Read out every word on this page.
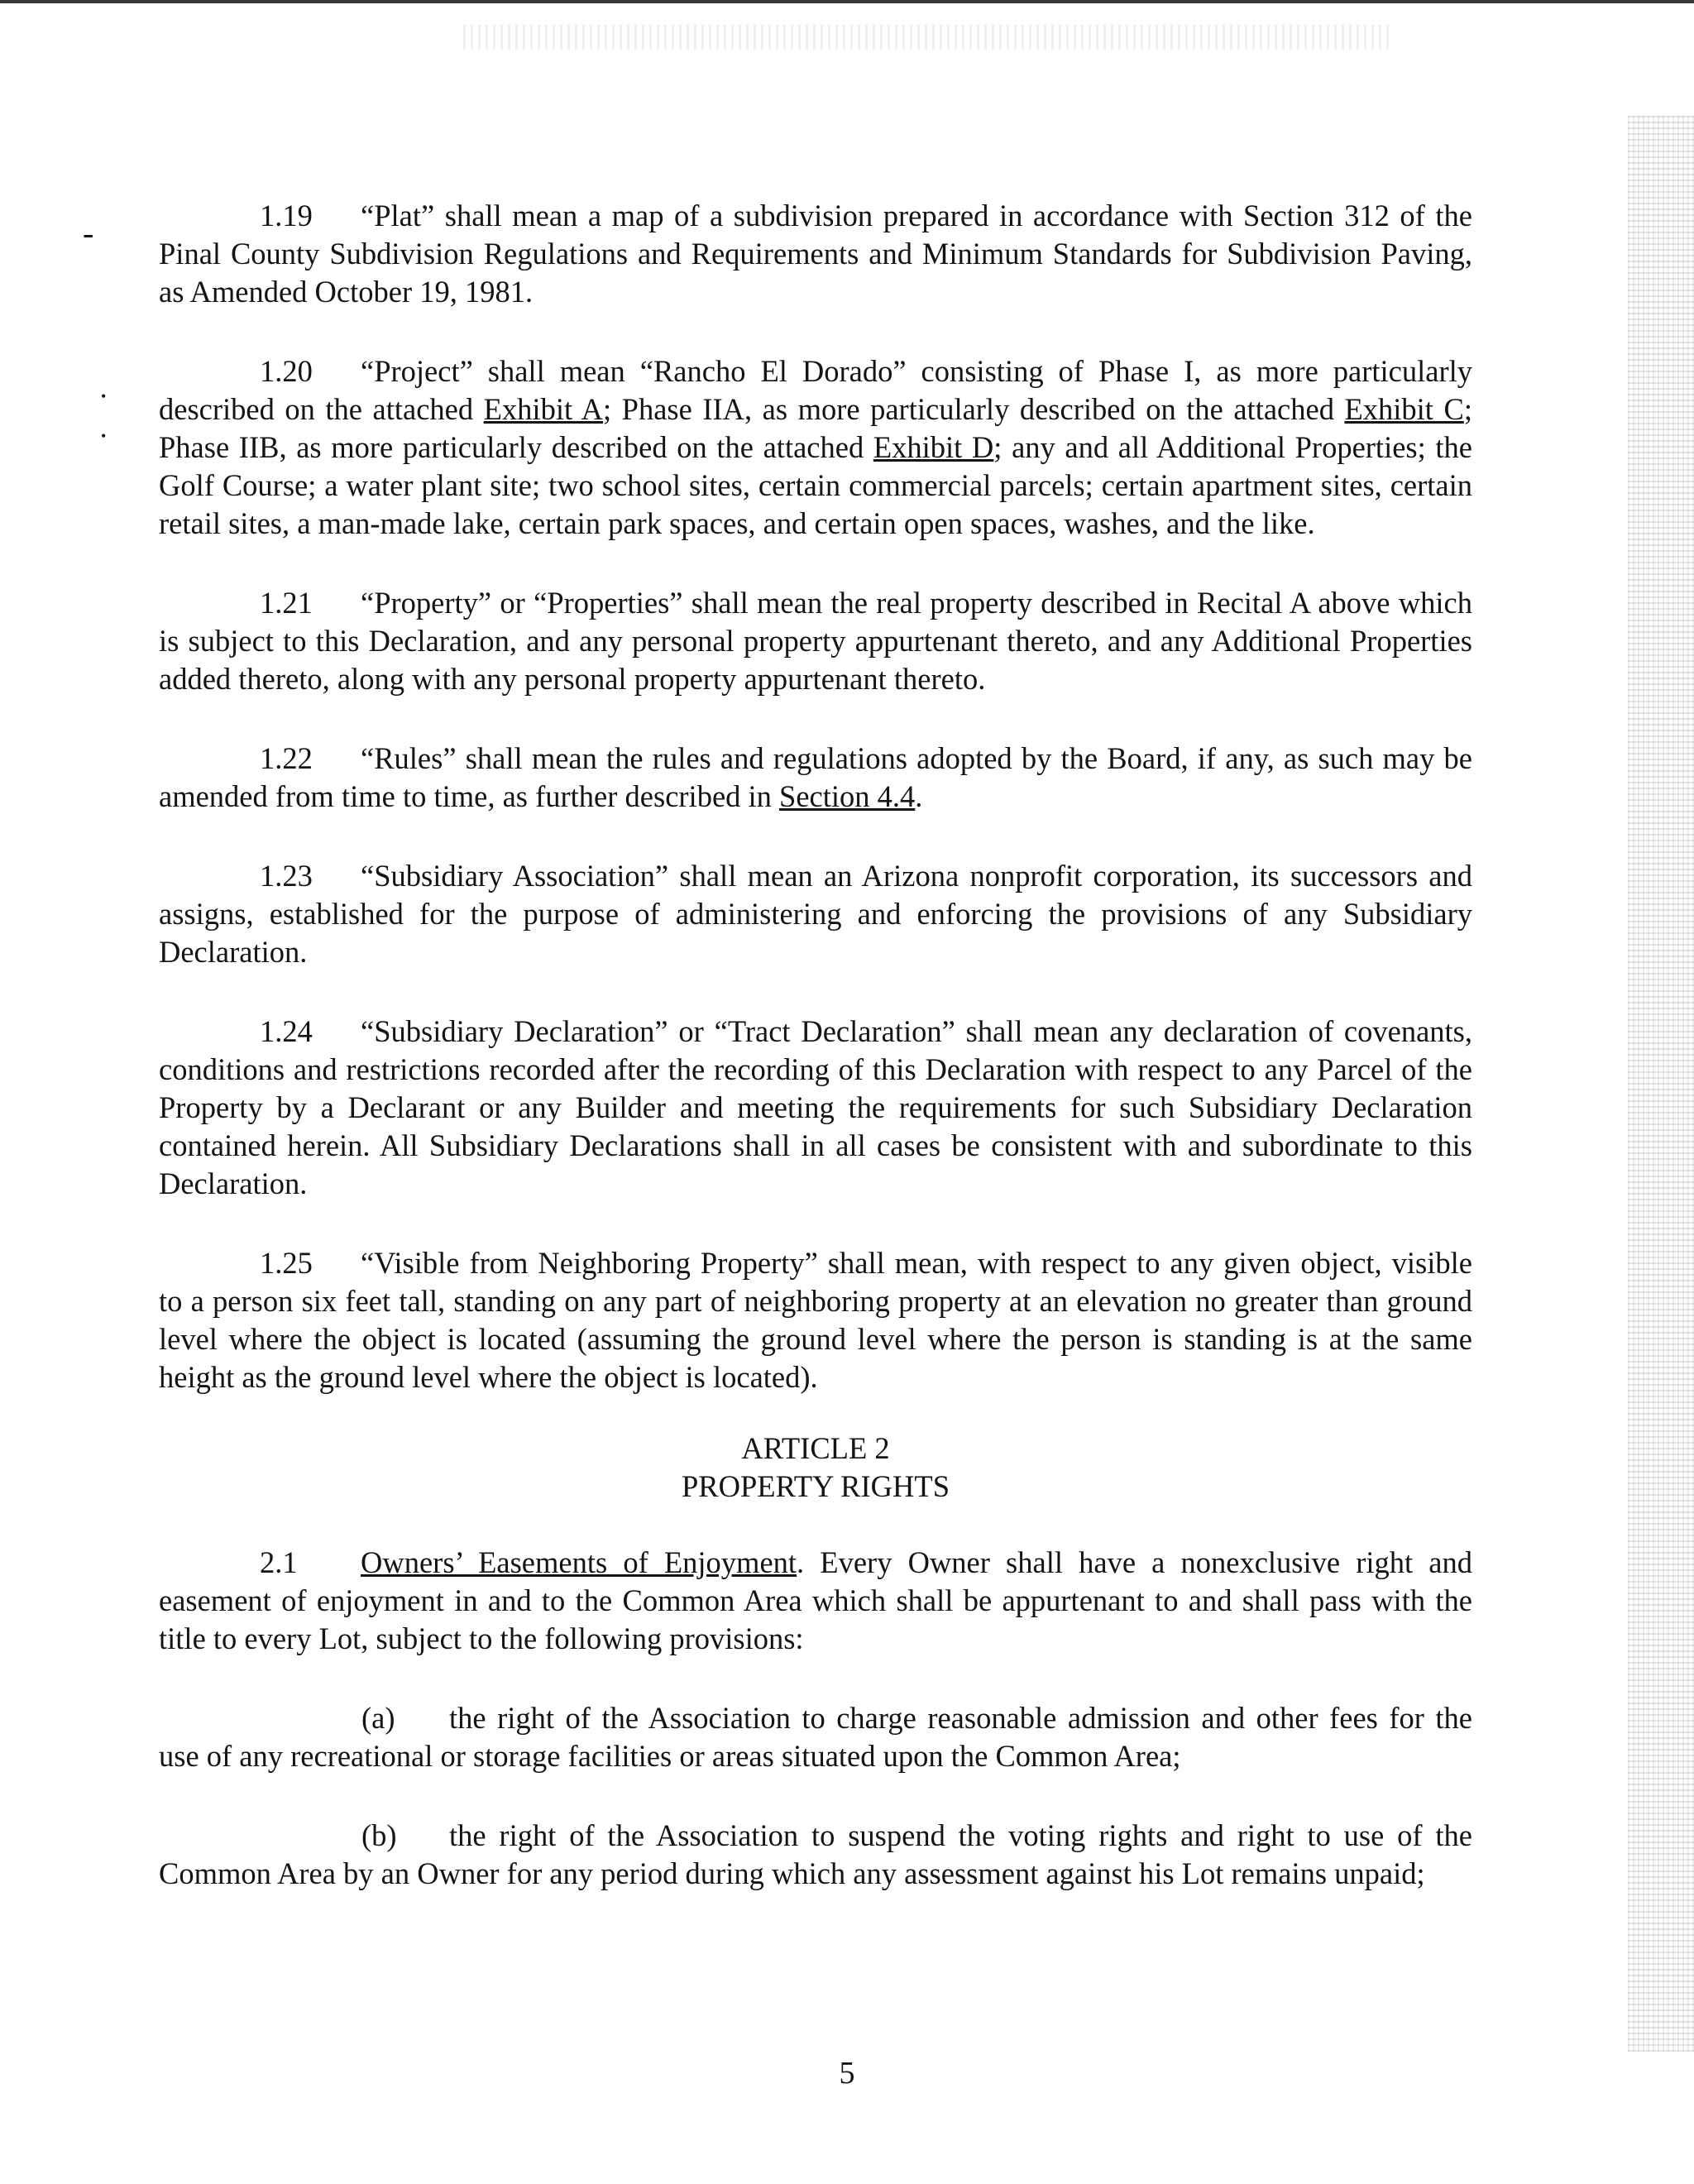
-
•
•

1.19 “Plat” shall mean a map of a subdivision prepared in accordance with Section 312 of the Pinal County Subdivision Regulations and Requirements and Minimum Standards for Subdivision Paving, as Amended October 19, 1981.

1.20 “Project” shall mean “Rancho El Dorado” consisting of Phase I, as more particularly described on the attached Exhibit A; Phase IIA, as more particularly described on the attached Exhibit C; Phase IIB, as more particularly described on the attached Exhibit D; any and all Additional Properties; the Golf Course; a water plant site; two school sites, certain commercial parcels; certain apartment sites, certain retail sites, a man-made lake, certain park spaces, and certain open spaces, washes, and the like.

1.21 “Property” or “Properties” shall mean the real property described in Recital A above which is subject to this Declaration, and any personal property appurtenant thereto, and any Additional Properties added thereto, along with any personal property appurtenant thereto.

1.22 “Rules” shall mean the rules and regulations adopted by the Board, if any, as such may be amended from time to time, as further described in Section 4.4.

1.23 “Subsidiary Association” shall mean an Arizona nonprofit corporation, its successors and assigns, established for the purpose of administering and enforcing the provisions of any Subsidiary Declaration.

1.24 “Subsidiary Declaration” or “Tract Declaration” shall mean any declaration of covenants, conditions and restrictions recorded after the recording of this Declaration with respect to any Parcel of the Property by a Declarant or any Builder and meeting the requirements for such Subsidiary Declaration contained herein. All Subsidiary Declarations shall in all cases be consistent with and subordinate to this Declaration.

1.25 “Visible from Neighboring Property” shall mean, with respect to any given object, visible to a person six feet tall, standing on any part of neighboring property at an elevation no greater than ground level where the object is located (assuming the ground level where the person is standing is at the same height as the ground level where the object is located).

ARTICLE 2
PROPERTY RIGHTS

2.1 Owners’ Easements of Enjoyment. Every Owner shall have a nonexclusive right and easement of enjoyment in and to the Common Area which shall be appurtenant to and shall pass with the title to every Lot, subject to the following provisions:

(a) the right of the Association to charge reasonable admission and other fees for the use of any recreational or storage facilities or areas situated upon the Common Area;

(b) the right of the Association to suspend the voting rights and right to use of the Common Area by an Owner for any period during which any assessment against his Lot remains unpaid;

5
